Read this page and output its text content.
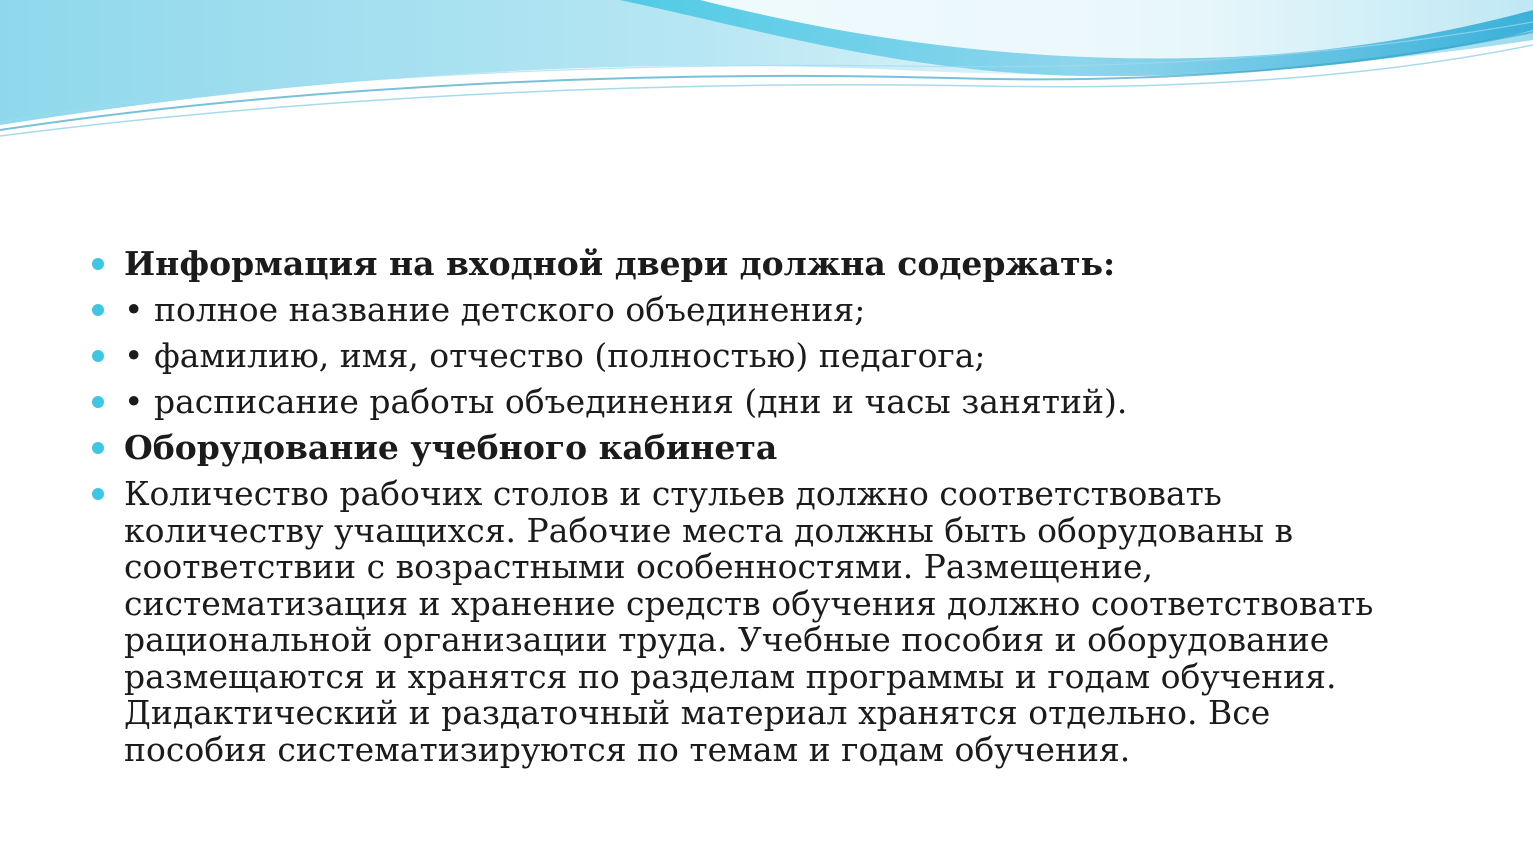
Информация на входной двери должна содержать:
• полное название детского объединения;
• фамилию, имя, отчество (полностью) педагога;
• расписание работы объединения (дни и часы занятий).
Оборудование учебного кабинета
Количество рабочих столов и стульев должно соответствовать количеству учащихся. Рабочие места должны быть оборудованы в соответствии с возрастными особенностями. Размещение, систематизация и хранение средств обучения должно соответствовать рациональной организации труда. Учебные пособия и оборудование размещаются и хранятся по разделам программы и годам обучения. Дидактический и раздаточный материал хранятся отдельно. Все пособия систематизируются по темам и годам обучения.
